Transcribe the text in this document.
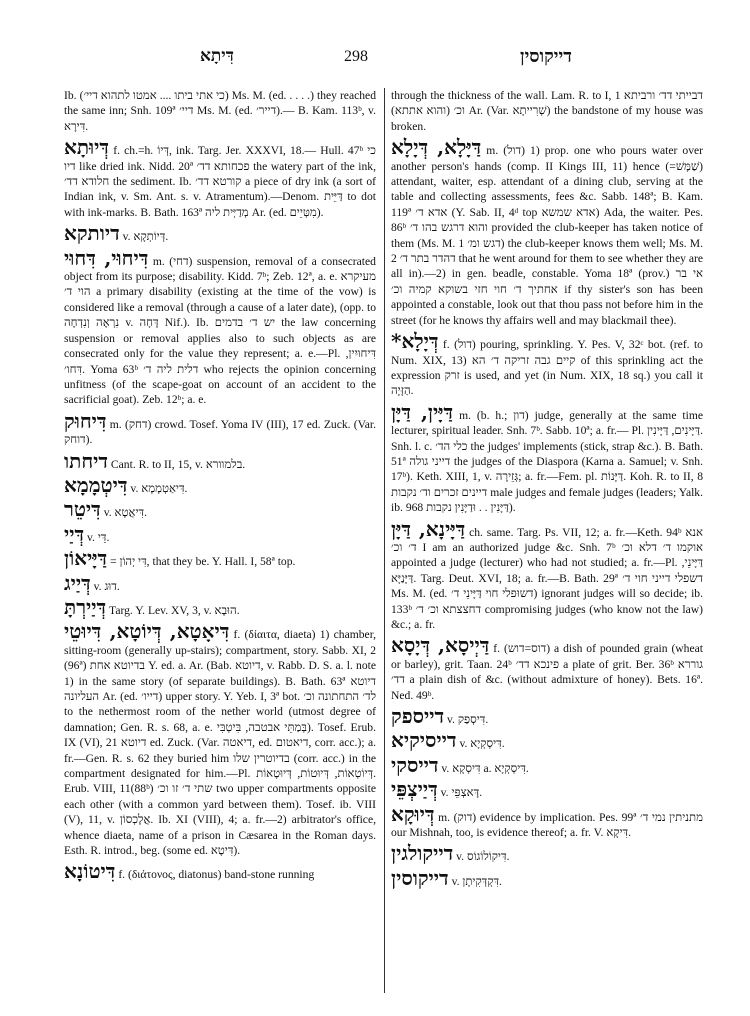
דִּיתָא	298	דייקוסין

Ib. (כי אתי ביתו .... אמטו לתהוא דיי׳) Ms. M. (ed. . . . .) they reached the same inn; Snh. 109ª דיי׳ Ms. M. (ed. דייר׳).— B. Kam. 113ᵇ, v. דִּירָא.

דְּיוּתָא f. ch.=h. דְּיוֹ, ink. Targ. Jer. XXXVI, 18.— Hull. 47ᵇ כי דיו like dried ink. Nidd. 20ª פכחותא דד׳ the watery part of the ink, חלודא דד׳ the sediment. Ib. קורטא דד׳ a piece of dry ink (a sort of Indian ink, v. Sm. Ant. s. v. Atramentum).—Denom. דַּיֵּית to dot with ink-marks. B. Bath. 163ª מְדַיְּית ליה Ar. (ed. מִטְּיֵים).

דיותקא v. דְּיוֹתְקָא.

דִּיחוּי, דִּחוּי m. (דחי) suspension, removal of a consecrated object from its purpose; disability. Kidd. 7ᵇ; Zeb. 12ª, a. e. מעיקרא הוי ד׳ a primary disability (existing at the time of the vow) is considered like a removal (through a cause of a later date), (opp. to נִרְאֶה וְנִדְחֶה v. דָּחָה Nif.). Ib. יש ד׳ בדמים the law concerning suspension or removal applies also to such objects as are consecrated only for the value they represent; a. e.—Pl. דִּיחוּיִין, דִּחו׳. Yoma 63ᵇ דלית ליה ד׳ who rejects the opinion concerning unfitness (of the scape-goat on account of an accident to the sacrificial goat). Zeb. 12ᵇ; a. e.

דִּיחוּק m. (דחק) crowd. Tosef. Yoma IV (III), 17 ed. Zuck. (Var. דוחק).

דיחתו Cant. R. to II, 15, v. בלמוורא.

דִּיטְמָמָא v. דִּיאַטְמָמָא.

דִּיטֵר v. דִּיאֲטָא.

דְּיַי v. דֵּי.

דַּיָּיאוֹן = דִּי יְהוֹן, that they be. Y. Hall. I, 58ª top.

דְּיַיג v. דוּג.

דְּיַירְתָּ Targ. Y. Lev. XV, 3, v. הוּבָא.

דִּיאָטָא, דְּיוֹטָא, דִּיוּטֵי f. (δίαιτα, diaeta) 1) chamber, sitting-room (generally up-stairs); compartment, story. Sabb. XI, 2 (96ª) בדיוטא אחת Y. ed. a. Ar. (Bab. דיוטא, v. Rabb. D. S. a. l. note 1) in the same story (of separate buildings). B. Bath. 63ª דיוטא העליונה Ar. (ed. דייו׳) upper story. Y. Yeb. I, 3ª bot. לד׳ התחתונה וכ׳ to the nethermost room of the nether world (utmost degree of damnation; Gen. R. s. 68, a. e. בְּמַתֵּי אבטבה, בִּיטְבִּי). Tosef. Erub. IX (VI), 21 דיוטא ed. Zuck. (Var. דיאטה, ed. דיאטום, corr. acc.); a. fr.—Gen. R. s. 62 they buried him בדיוטרין שלו (corr. acc.) in the compartment designated for him.—Pl. דְּיוֹטְאוֹת, דְּיוּטוֹת, דְּיוּטָאוֹת. Erub. VIII, 11(88ᵇ) שתי ד׳ זו וכ׳ two upper compartments opposite each other (with a common yard between them). Tosef. ib. VIII (V), 11, v. אֲלָכְסוֹן. Ib. XI (VIII), 4; a. fr.—2) arbitrator's office, whence diaeta, name of a prison in Cæsarea in the Roman days. Esth. R. introd., beg. (some ed. דִּיטָא).

דִּיטוֹנָא f. (διάτονος, diatonus) band-stone running

through the thickness of the wall. Lam. R. to I, 1 דבייתי דד׳ ורביתא וכ׳ (והוא אתתא) Ar. (Var. שְׁרִייתָא) the bandstone of my house was broken.

דַּיָּלָא, דְּיָלָא m. (דול) 1) prop. one who pours water over another person's hands (comp. II Kings III, 11) hence (=שַׁמָּשׁ) attendant, waiter, esp. attendant of a dining club, serving at the table and collecting assessments, fees &c. Sabb. 148ª; B. Kam. 119ª אדא ד׳ (Y. Sab. II, 4ᵈ top אדא שמשא) Ada, the waiter. Pes. 86ᵇ והוא דרגש בהו ד׳ provided the club-keeper has taken notice of them (Ms. M. 1 דגש ומ׳) the club-keeper knows them well; Ms. M. 2 דהדר בתר ד׳ that he went around for them to see whether they are all in).—2) in gen. beadle, constable. Yoma 18ª (prov.) אי בר אחתיך ד׳ חוי חזי בשוקא קמיה וכ׳ if thy sister's son has been appointed a constable, look out that thou pass not before him in the street (for he knows thy affairs well and may blackmail thee).

דְּיָלָא* f. (דול) pouring, sprinkling. Y. Pes. V, 32ᶜ bot. (ref. to Num. XIX, 13) קיים גבה זריקה ד׳ הא of this sprinkling act the expression זרק is used, and yet (in Num. XIX, 18 sq.) you call it הַזָּיָה.

דַּיָּין, דַּיָּן m. (b. h.; דון) judge, generally at the same time lecturer, spiritual leader. Snh. 7ᵇ. Sabb. 10ª; a. fr.— Pl. דַּיָּינִים, דַּיָּינִין. Snh. l. c. כלי הד׳ the judges' implements (stick, strap &c.). B. Bath. 51ª דייני גולה the judges of the Diaspora (Karna a. Samuel; v. Snh. 17ᵇ). Keth. XIII, 1, v. גְּזֵירָה; a. fr.—Fem. pl. דַּיָּנוֹת. Koh. R. to II, 8 דיינים זכרים וד׳ נקבות male judges and female judges (leaders; Yalk. ib. 968 דַּיָּנִין . . וּדַיָּנִין נקבות).

דַּיָּינָא, דַּיָּן ch. same. Targ. Ps. VII, 12; a. fr.—Keth. 94ᵇ אנא ד׳ וכ׳ I am an authorized judge &c. Snh. 7ᵇ אוקמו ד׳ דלא וכ׳ appointed a judge (lecturer) who had not studied; a. fr.—Pl. דַּיָּינֵי, דַּיָּנַיָּא. Targ. Deut. XVI, 18; a. fr.—B. Bath. 29ª דשפלי דייני חוי ד׳ Ms. M. (ed. דשוּפלי חוי דַּיָּינֵי ד׳) ignorant judges will so decide; ib. 133ᵇ דחצצתא וכ׳ ד׳ compromising judges (who know not the law) &c.; a. fr.

דַּיְיסָא, דְּיָסָא f. (דוס=דוש) a dish of pounded grain (wheat or barley), grit. Taan. 24ᵇ פינכא דד׳ a plate of grit. Ber. 36ᵇ גוררא דד׳ a plain dish of &c. (without admixture of honey). Bets. 16ª. Ned. 49ᵇ.

דייספק v. דִּיסְפַק.

דייסיקיא v. דִּיסְקְיָא.

דייסקי v. דִּיסְקָא a. דִּיסְקְיָא.

דְּיַיצְפֵּי v. דָּאצְפֵּי.

דְּיוּקָא m. (דוק) evidence by implication. Pes. 99ª מתניתין נמי ד׳ our Mishnah, too, is evidence thereof; a. fr. V. דִּיקָא.

דייקולגין v. דִּיקוֹלוֹגוֹס.

דייקוסין v. דִּקְדְּקִיתָן.
